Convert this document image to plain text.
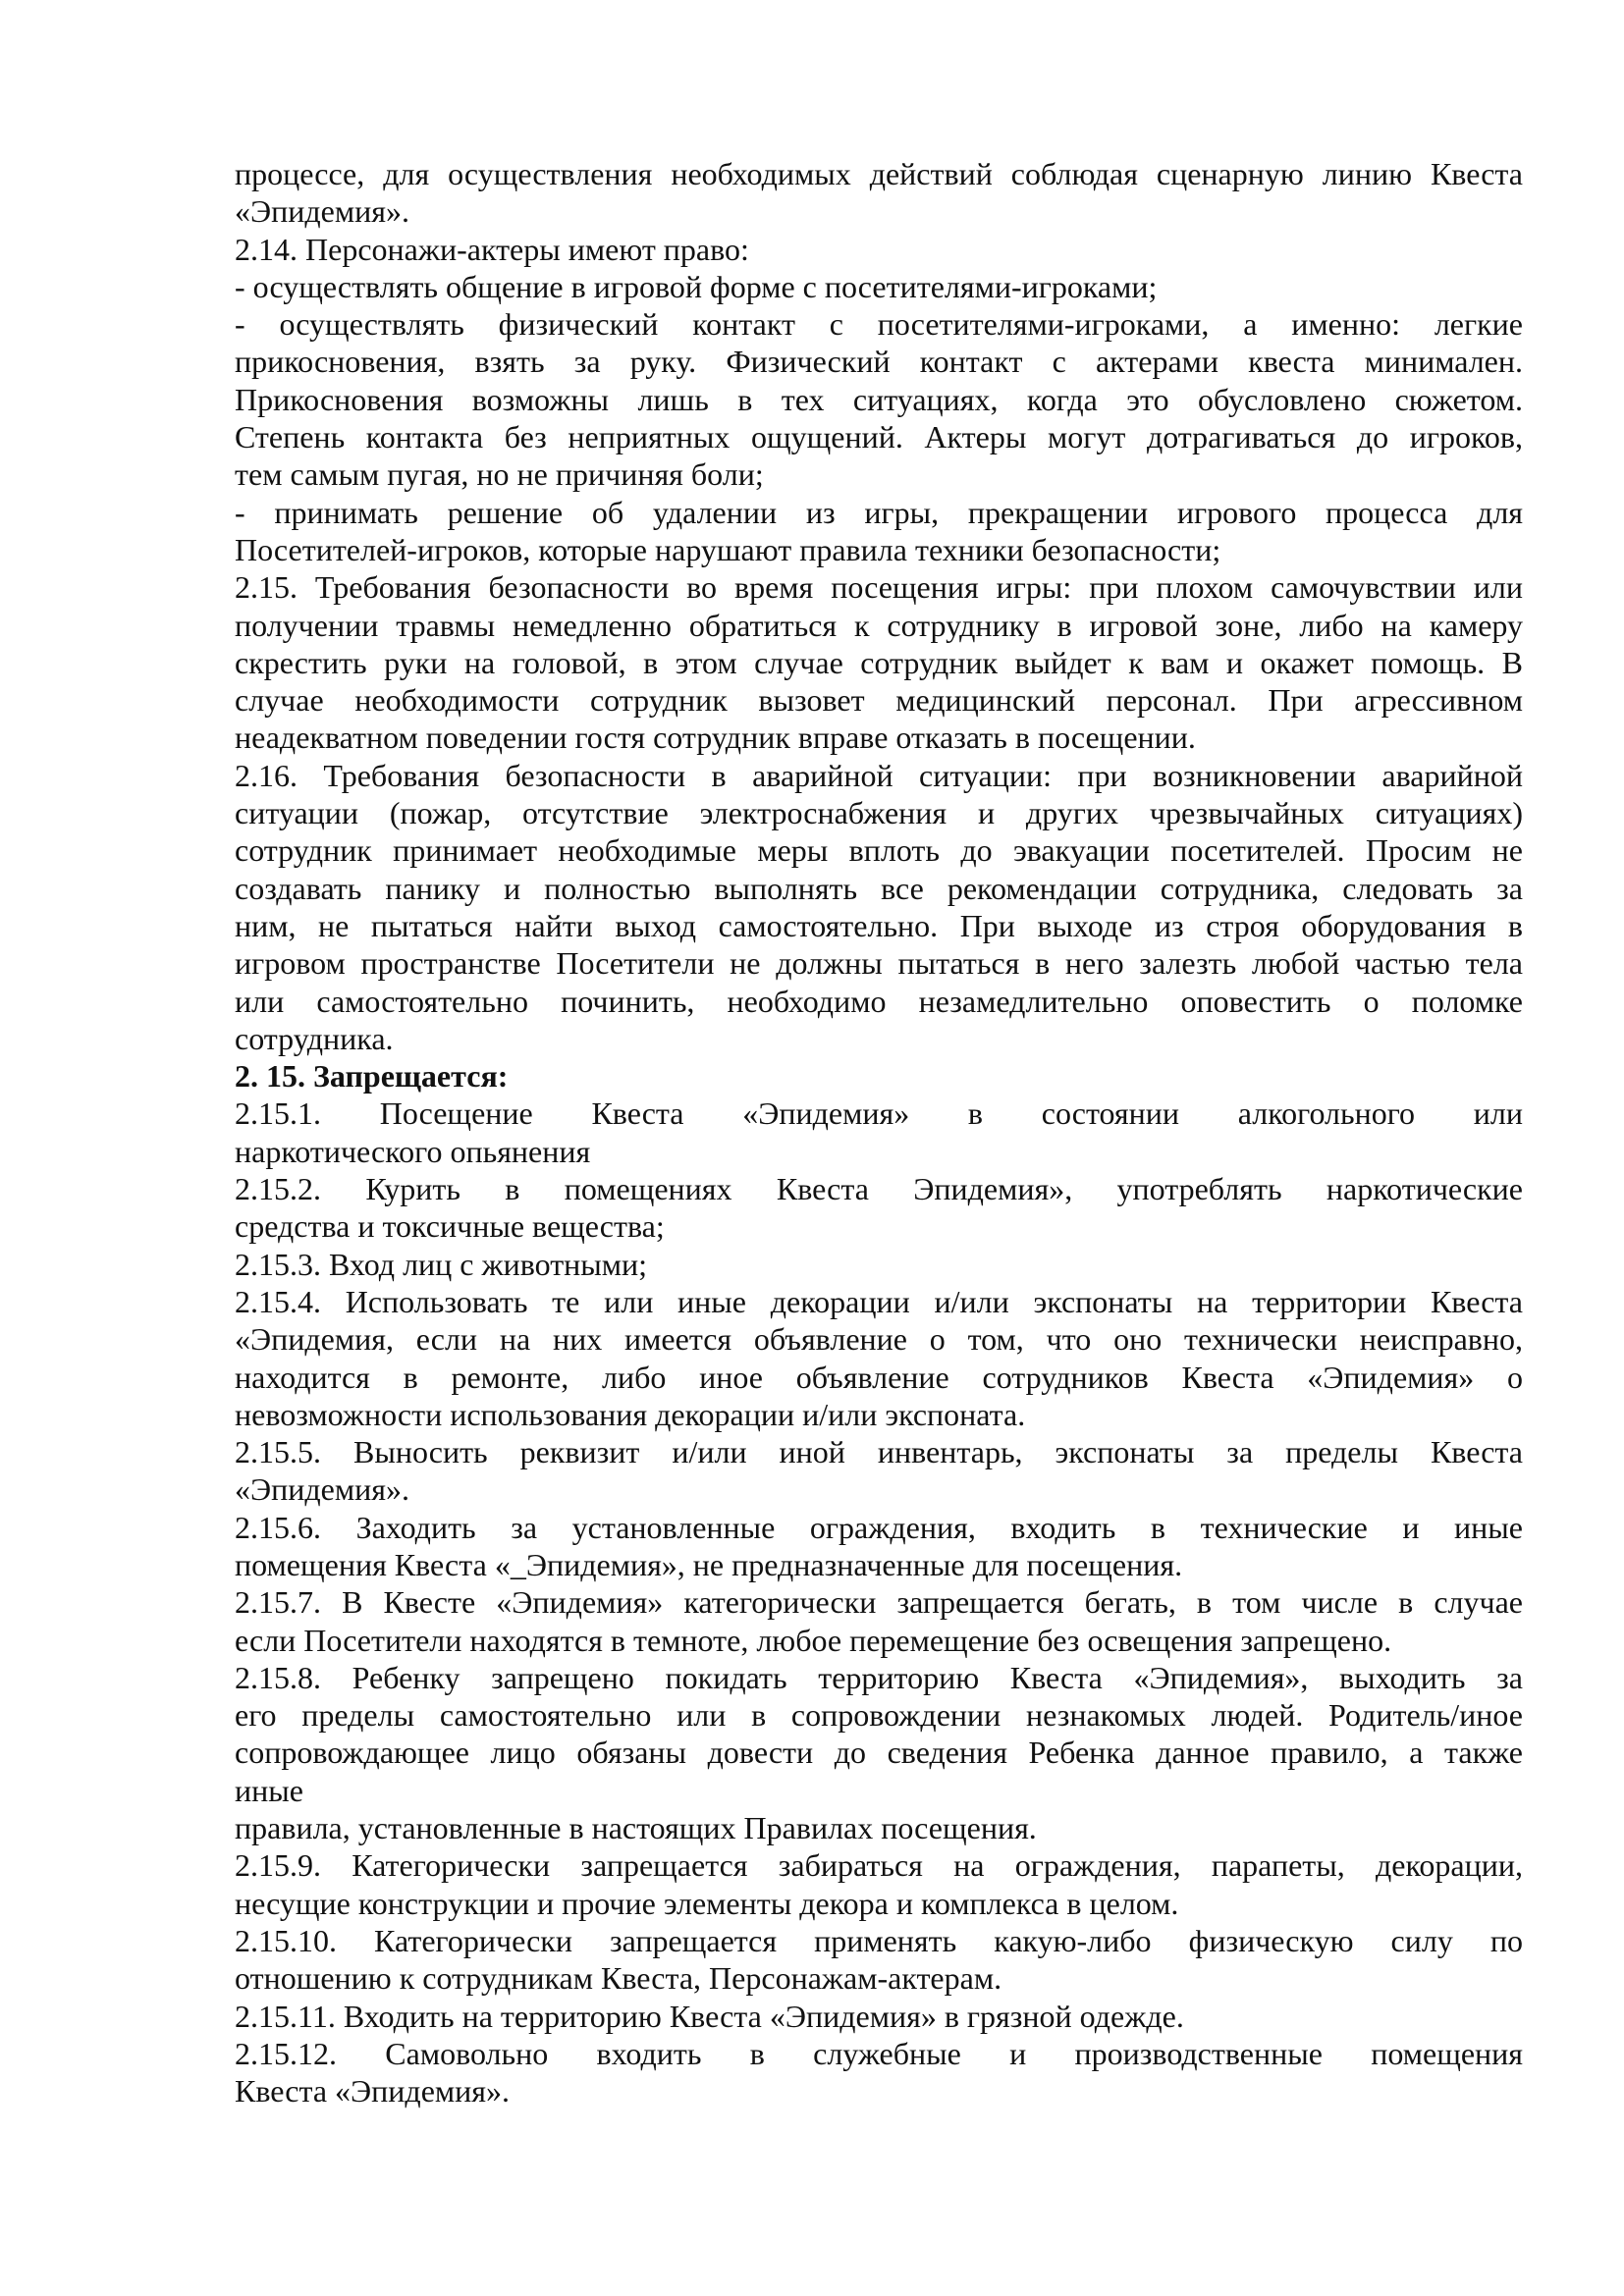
процессе, для осуществления необходимых действий соблюдая сценарную линию Квеста
«Эпидемия».
2.14. Персонажи-актеры имеют право:
- осуществлять общение в игровой форме с посетителями-игроками;
- осуществлять физический контакт с посетителями-игроками, а именно: легкие
прикосновения, взять за руку. Физический контакт с актерами квеста минимален.
Прикосновения возможны лишь в тех ситуациях, когда это обусловлено сюжетом.
Степень контакта без неприятных ощущений. Актеры могут дотрагиваться до игроков,
тем самым пугая, но не причиняя боли;
- принимать решение об удалении из игры, прекращении игрового процесса для
Посетителей-игроков, которые нарушают правила техники безопасности;
2.15. Требования безопасности во время посещения игры: при плохом самочувствии или
получении травмы немедленно обратиться к сотруднику в игровой зоне, либо на камеру
скрестить руки на головой, в этом случае сотрудник выйдет к вам и окажет помощь. В
случае необходимости сотрудник вызовет медицинский персонал. При агрессивном
неадекватном поведении гостя сотрудник вправе отказать в посещении.
2.16. Требования безопасности в аварийной ситуации: при возникновении аварийной
ситуации (пожар, отсутствие электроснабжения и других чрезвычайных ситуациях)
сотрудник принимает необходимые меры вплоть до эвакуации посетителей. Просим не
создавать панику и полностью выполнять все рекомендации сотрудника, следовать за
ним, не пытаться найти выход самостоятельно. При выходе из строя оборудования в
игровом пространстве Посетители не должны пытаться в него залезть любой частью тела
или самостоятельно починить, необходимо незамедлительно оповестить о поломке
сотрудника.
2. 15. Запрещается:
2.15.1. Посещение Квеста «Эпидемия» в состоянии алкогольного или
наркотического опьянения
2.15.2. Курить в помещениях Квеста Эпидемия», употреблять наркотические
средства и токсичные вещества;
2.15.3. Вход лиц с животными;
2.15.4. Использовать те или иные декорации и/или экспонаты на территории Квеста
«Эпидемия, если на них имеется объявление о том, что оно технически неисправно,
находится в ремонте, либо иное объявление сотрудников Квеста «Эпидемия» о
невозможности использования декорации и/или экспоната.
2.15.5. Выносить реквизит и/или иной инвентарь, экспонаты за пределы Квеста
«Эпидемия».
2.15.6. Заходить за установленные ограждения, входить в технические и иные
помещения Квеста «_Эпидемия», не предназначенные для посещения.
2.15.7. В Квесте «Эпидемия» категорически запрещается бегать, в том числе в случае
если Посетители находятся в темноте, любое перемещение без освещения запрещено.
2.15.8. Ребенку запрещено покидать территорию Квеста «Эпидемия», выходить за
его пределы самостоятельно или в сопровождении незнакомых людей. Родитель/иное
сопровождающее лицо обязаны довести до сведения Ребенка данное правило, а также
иные
правила, установленные в настоящих Правилах посещения.
2.15.9. Категорически запрещается забираться на ограждения, парапеты, декорации,
несущие конструкции и прочие элементы декора и комплекса в целом.
2.15.10. Категорически запрещается применять какую-либо физическую силу по
отношению к сотрудникам Квеста, Персонажам-актерам.
2.15.11. Входить на территорию Квеста «Эпидемия» в грязной одежде.
2.15.12. Самовольно входить в служебные и производственные помещения
Квеста «Эпидемия».
